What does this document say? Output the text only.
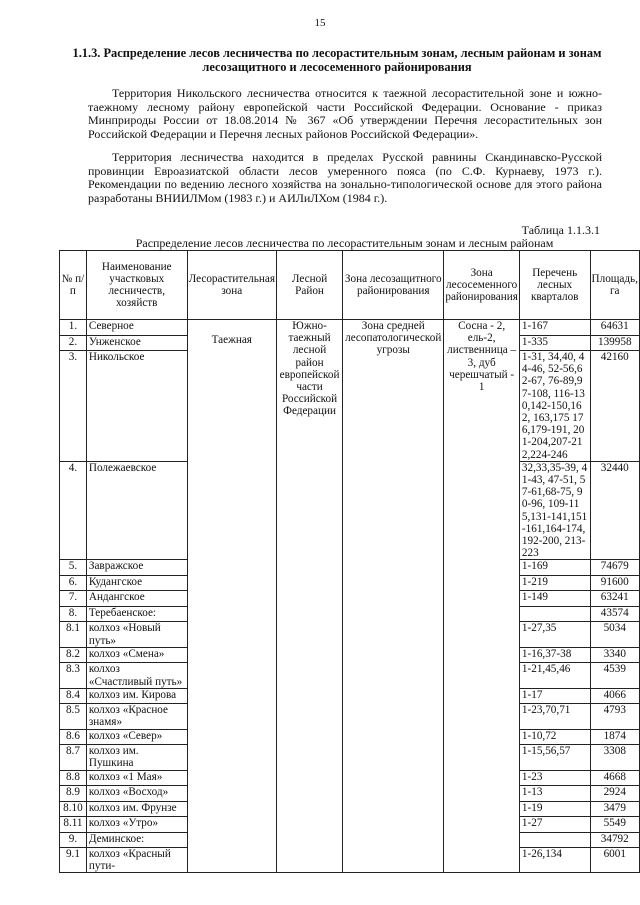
15
1.1.3. Распределение лесов лесничества по лесорастительным зонам, лесным районам и зонам лесозащитного и лесосеменного районирования
Территория Никольского лесничества относится к таежной лесорастительной зоне и южно-таежному лесному району европейской части Российской Федерации. Основание - приказ Минприроды России от 18.08.2014 № 367 «Об утверждении Перечня лесорастительных зон Российской Федерации и Перечня лесных районов Российской Федерации».
Территория лесничества находится в пределах Русской равнины Скандинавско-Русской провинции Евроазиатской области лесов умеренного пояса (по С.Ф. Курнаеву, 1973 г.). Рекомендации по ведению лесного хозяйства на зонально-типологической основе для этого района разработаны ВНИИЛМом (1983 г.) и АИЛиЛХом (1984 г.).
Таблица 1.1.3.1
Распределение лесов лесничества по лесорастительным зонам и лесным районам
№ п/п	Наименование участковых лесничеств, хозяйств	Лесорастительная зона	Лесной Район	Зона лесозащитного районирования	Зона лесосеменного районирования	Перечень лесных кварталов	Площадь, га
1.	Северное	Таежная	Южно-таежный лесной район европейской части Российской Федерации	Зона средней лесопатологической угрозы	Сосна - 2, ель-2, лиственница – 3, дуб черешчатый - 1	1-167	64631
2.	Унженское					1-335	139958
3.	Никольское					1-31, 34,40, 44-46, 52-56,62-67, 76-89,97-108, 116-130,142-150,162, 163,175 176,179-191, 201-204,207-212,224-246	42160
4.	Полежаевское					32,33,35-39, 41-43, 47-51, 57-61,68-75, 90-96, 109-115,131-141,151-161,164-174,192-200, 213-223	32440
5.	Завражское					1-169	74679
6.	Кудангское					1-219	91600
7.	Андангское					1-149	63241
8.	Теребаенское:						43574
8.1	колхоз «Новый путь»					1-27,35	5034
8.2	колхоз «Смена»					1-16,37-38	3340
8.3	колхоз «Счастливый путь»					1-21,45,46	4539
8.4	колхоз им. Кирова					1-17	4066
8.5	колхоз «Красное знамя»					1-23,70,71	4793
8.6	колхоз «Север»					1-10,72	1874
8.7	колхоз им. Пушкина					1-15,56,57	3308
8.8	колхоз «1 Мая»					1-23	4668
8.9	колхоз «Восход»					1-13	2924
8.10	колхоз им. Фрунзе					1-19	3479
8.11	колхоз «Утро»					1-27	5549
9.	Деминское:						34792
9.1	колхоз «Красный пути-					1-26,134	6001
